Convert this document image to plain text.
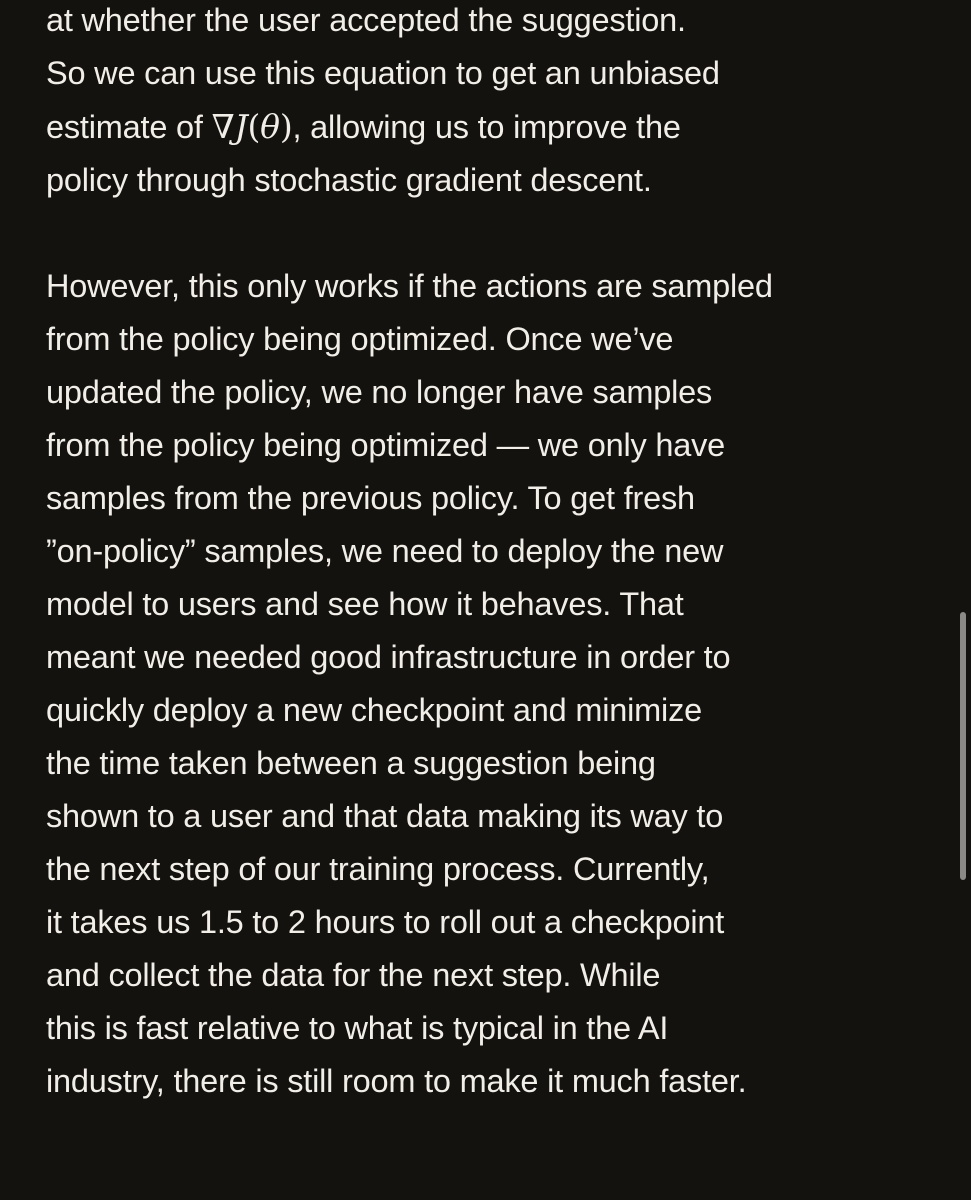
at whether the user accepted the suggestion.
So we can use this equation to get an unbiased
estimate of ∇J(θ), allowing us to improve the
policy through stochastic gradient descent.

However, this only works if the actions are sampled
from the policy being optimized. Once we’ve
updated the policy, we no longer have samples
from the policy being optimized — we only have
samples from the previous policy. To get fresh
”on-policy” samples, we need to deploy the new
model to users and see how it behaves. That
meant we needed good infrastructure in order to
quickly deploy a new checkpoint and minimize
the time taken between a suggestion being
shown to a user and that data making its way to
the next step of our training process. Currently,
it takes us 1.5 to 2 hours to roll out a checkpoint
and collect the data for the next step. While
this is fast relative to what is typical in the AI
industry, there is still room to make it much faster.
